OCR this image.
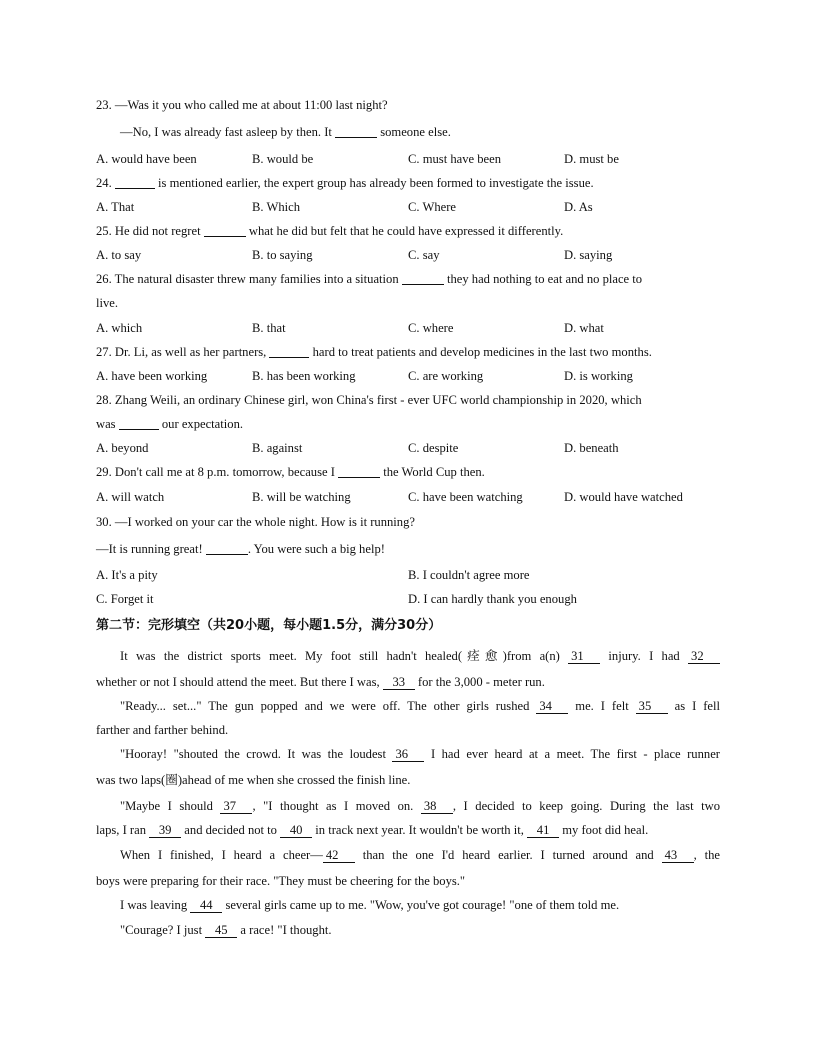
23. —Was it you who called me at about 11:00 last night?
—No, I was already fast asleep by then. It	someone else.
A. would have been	B. would be	C. must have been	D. must be
24.	is mentioned earlier, the expert group has already been formed to investigate the issue.
A. That	B. Which	C. Where	D. As
25. He did not regret	what he did but felt that he could have expressed it differently.
A. to say	B. to saying	C. say	D. saying
26. The natural disaster threw many families into a situation	they had nothing to eat and no place to
live.
A. which	B. that	C. where	D. what
27. Dr. Li, as well as her partners,	hard to treat patients and develop medicines in the last two months.
A. have been working	B. has been working	C. are working	D. is working
28. Zhang Weili, an ordinary Chinese girl, won China's first - ever UFC world championship in 2020, which
was	our expectation.
A. beyond	B. against	C. despite	D. beneath
29. Don't call me at 8 p.m. tomorrow, because I	the World Cup then.
A. will watch	B. will be watching	C. have been watching	D. would have watched
30. —I worked on your car the whole night. How is it running?
—It is running great!	. You were such a big help!
A. It's a pity	B. I couldn't agree more
C. Forget it	D. I can hardly thank you enough
第二节：完形填空（共20小题，每小题1.5分，满分30分）
It was the district sports meet. My foot still hadn't healed(痊愈)from a(n) 31 injury. I had 32
whether or not I should attend the meet. But there I was, 33 for the 3,000 - meter run.
"Ready... set..." The gun popped and we were off. The other girls rushed 34 me. I felt 35 as I fell
farther and farther behind.
"Hooray! "shouted the crowd. It was the loudest 36 I had ever heard at a meet. The first - place runner
was two laps(圈)ahead of me when she crossed the finish line.
"Maybe I should 37 , "I thought as I moved on. 38 , I decided to keep going. During the last two
laps, I ran 39 and decided not to 40 in track next year. It wouldn't be worth it, 41 my foot did heal.
When I finished, I heard a cheer— 42 than the one I'd heard earlier. I turned around and 43 , the
boys were preparing for their race. "They must be cheering for the boys."
I was leaving 44 several girls came up to me. "Wow, you've got courage! "one of them told me.
"Courage? I just 45 a race! "I thought.
